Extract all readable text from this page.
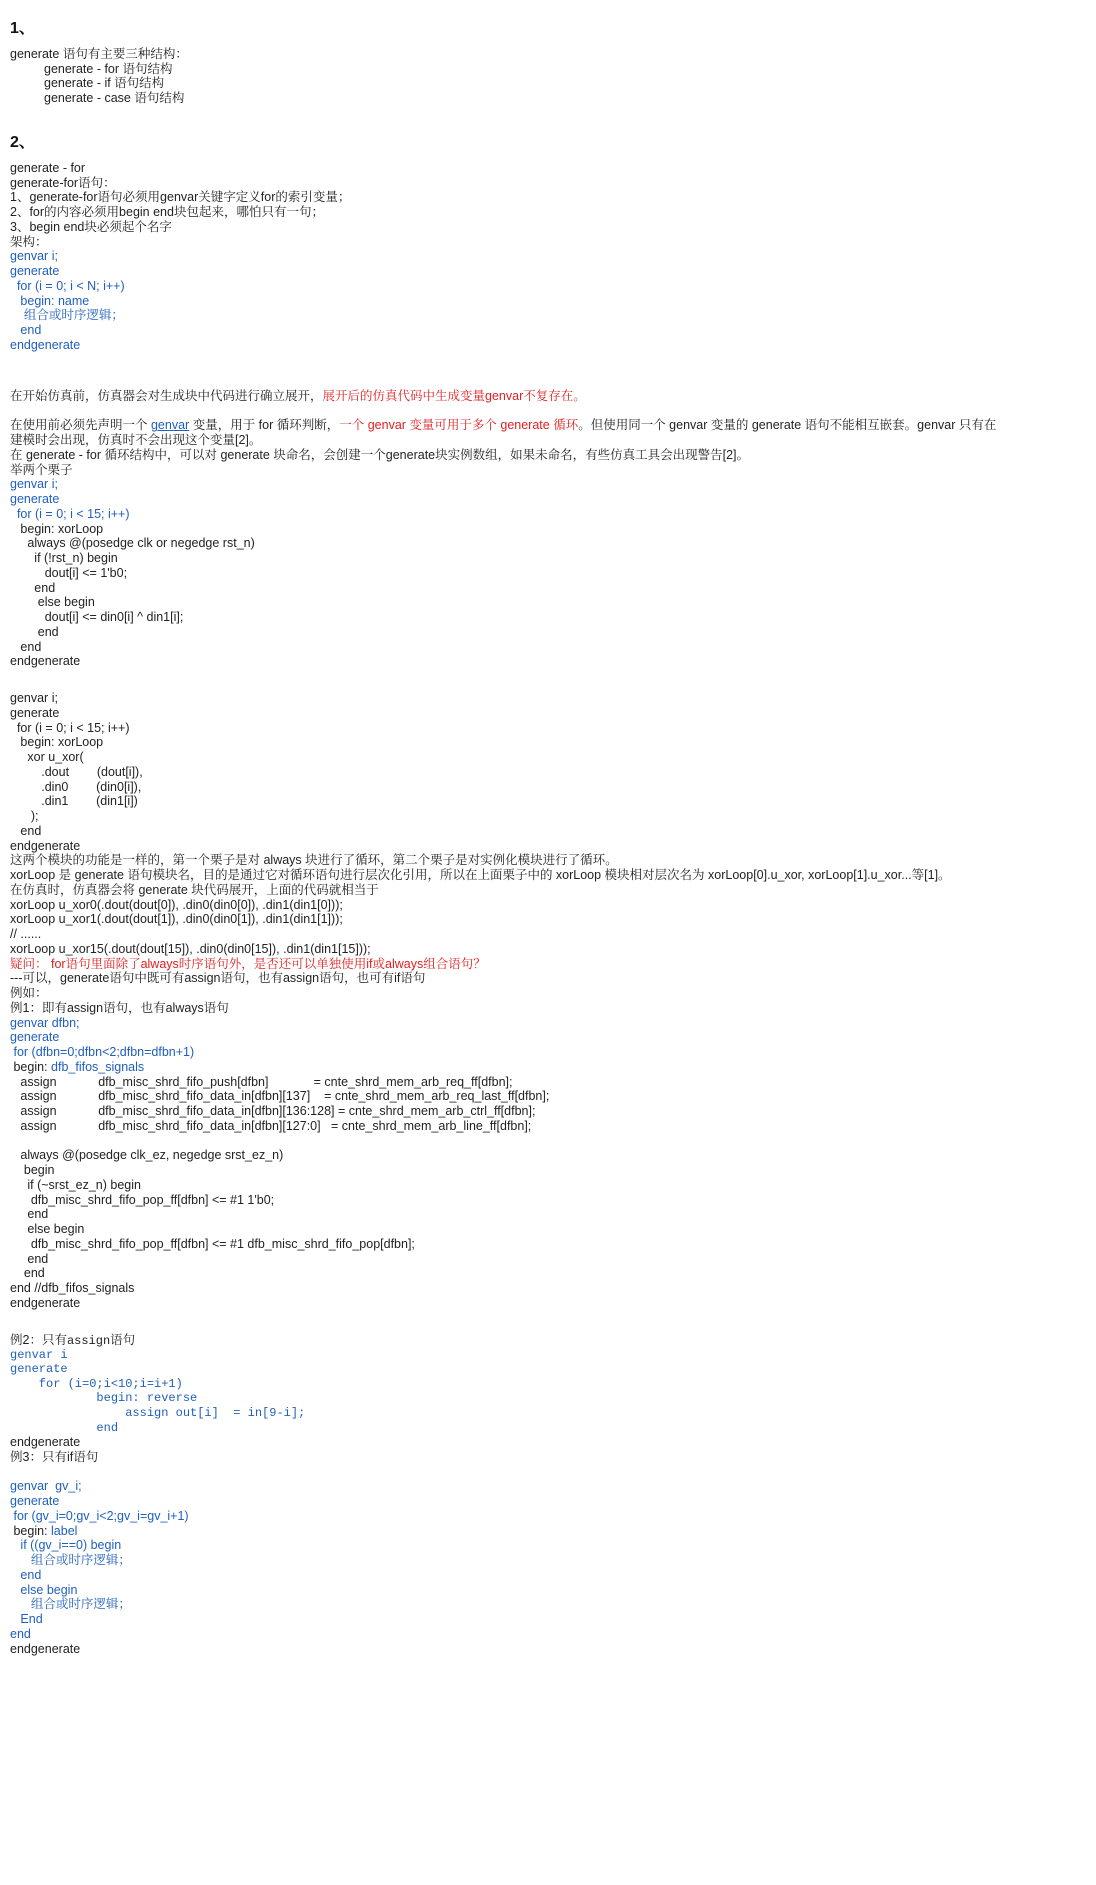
1、
generate 语句有主要三种结构：
generate - for 语句结构
generate - if 语句结构
generate - case 语句结构
2、
generate - for
generate-for语句：
1、generate-for语句必须用genvar关键字定义for的索引变量；
2、for的内容必须用begin end块包起来，哪怕只有一句；
3、begin end块必须起个名字
架构：
genvar i;
generate
for (i = 0; i < N; i++)
begin: name
组合或时序逻辑；
end
endgenerate
在开始仿真前，仿真器会对生成块中代码进行确立展开，展开后的仿真代码中生成变量genvar不复存在。
在使用前必须先声明一个 genvar 变量，用于 for 循环判断，一个 genvar 变量可用于多个 generate 循环。但使用同一个 genvar 变量的 generate 语句不能相互嵌套。genvar 只有在
建模时会出现，仿真时不会出现这个变量[2]。
在 generate - for 循环结构中，可以对 generate 块命名，会创建一个generate块实例数组，如果未命名，有些仿真工具会出现警告[2]。
举两个栗子
genvar i;
generate
for (i = 0; i < 15; i++)
begin: xorLoop
always @(posedge clk or negedge rst_n)
if (!rst_n) begin
dout[i] <= 1'b0;
end
else begin
dout[i] <= din0[i] ^ din1[i];
end
end
endgenerate
genvar i;
generate
for (i = 0; i < 15; i++)
begin: xorLoop
xor u_xor(
.dout        (dout[i]),
.din0        (din0[i]),
.din1        (din1[i])
);
end
endgenerate
这两个模块的功能是一样的，第一个栗子是对 always 块进行了循环，第二个栗子是对实例化模块进行了循环。
xorLoop 是 generate 语句模块名，目的是通过它对循环语句进行层次化引用，所以在上面栗子中的 xorLoop 模块相对层次名为 xorLoop[0].u_xor, xorLoop[1].u_xor...等[1]。
在仿真时，仿真器会将 generate 块代码展开，上面的代码就相当于
xorLoop u_xor0(.dout(dout[0]), .din0(din0[0]), .din1(din1[0]));
xorLoop u_xor1(.dout(dout[1]), .din0(din0[1]), .din1(din1[1]));
// ......
xorLoop u_xor15(.dout(dout[15]), .din0(din0[15]), .din1(din1[15]));
疑问： for语句里面除了always时序语句外，是否还可以单独使用if或always组合语句？
---可以，generate语句中既可有assign语句，也有assign语句，也可有if语句
例如：
例1：即有assign语句，也有always语句
genvar dfbn;
generate
for (dfbn=0;dfbn<2;dfbn=dfbn+1)
begin: dfb_fifos_signals
assign            dfb_misc_shrd_fifo_push[dfbn]             = cnte_shrd_mem_arb_req_ff[dfbn];
assign            dfb_misc_shrd_fifo_data_in[dfbn][137]    = cnte_shrd_mem_arb_req_last_ff[dfbn];
assign            dfb_misc_shrd_fifo_data_in[dfbn][136:128] = cnte_shrd_mem_arb_ctrl_ff[dfbn];
assign            dfb_misc_shrd_fifo_data_in[dfbn][127:0]   = cnte_shrd_mem_arb_line_ff[dfbn];
always @(posedge clk_ez, negedge srst_ez_n)
begin
if (~srst_ez_n) begin
dfb_misc_shrd_fifo_pop_ff[dfbn] <= #1 1'b0;
end
else begin
dfb_misc_shrd_fifo_pop_ff[dfbn] <= #1 dfb_misc_shrd_fifo_pop[dfbn];
end
end
end //dfb_fifos_signals
endgenerate
例2：只有assign语句
genvar i
generate
for (i=0;i<10;i=i+1)
begin: reverse
assign out[i]  = in[9-i];
end
endgenerate
例3：只有if语句
genvar  gv_i;
generate
for (gv_i=0;gv_i<2;gv_i=gv_i+1)
begin: label
if ((gv_i==0) begin
组合或时序逻辑；
end
else begin
组合或时序逻辑；
End
end
endgenerate
